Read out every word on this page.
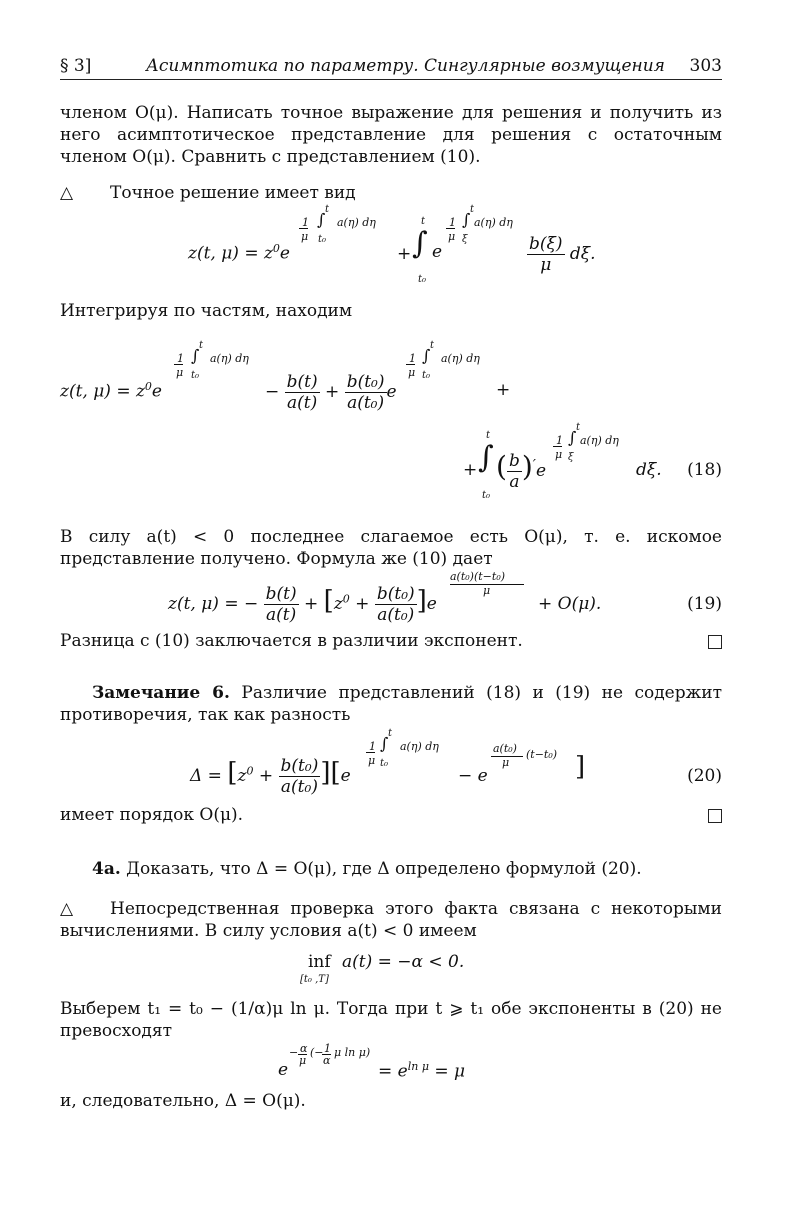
§ 3]	Асимптотика по параметру. Сингулярные возмущения 303

членом O(μ). Написать точное выражение для решения и получить из него асимптотическое представление для решения с остаточным членом O(μ). Сравнить с представлением (10).

△ Точное решение имеет вид

z(t, $\mu) = z^0e$
1
μ
∫
t
t₀
a(η) dη
+ ∫
t
t₀
e
1
μ
∫
t
ξ
a(η) dη
$\frac{b(\xi)}{\mu} d\xi$.

Интегрируя по частям, находим

z(t, $\mu) = z^0e$
1
μ
∫
t
t₀
a(η) dη
− $\frac{b(t)}{a(t)} + \frac{\text{b(t₀)}}{\text{a(t₀)}}$ e
1
μ
∫
t
t₀
a(η) dη
+
+ ∫
t
t₀
( $\frac{b}{a} )'e$
1
μ
∫
t
ξ
a(η) dη
dξ. (18)

В силу a(t) < 0 последнее слагаемое есть O(μ), т. е. искомое представление получено. Формула же (10) дает

z(t, μ) = − $\frac{b(t)}{a(t)} + [z^0 + \frac{\text{b(t₀)}}{\text{a(t₀)}} ]e$
a(t₀)(t−t₀)
μ
+ O(μ).	(19)

Разница с (10) заключается в различии экспонент.

Замечание 6. Различие представлений (18) и (19) не содержит противоречия, так как разность

$\Delta = [z^0 + \frac{\text{b(t₀)}}{\text{a(t₀)}} ][e$
1
μ
∫
t
t₀
a(η) dη
− e
a(t₀)
μ
(t−t₀) ]	(20)

имеет порядок O(μ).

4а. Доказать, что Δ = O(μ), где Δ определено формулой (20).

△ Непосредственная проверка этого факта связана с некоторыми вычислениями. В силу условия a(t) < 0 имеем

inf
[t₀ ,T]
a(t) = −α < 0.

Выберем t₁ = t₀ − (1/α)μ ln μ. Тогда при t ⩾ t₁ обе экспоненты в (20) не превосходят

e
− α
μ
(− 1
α
μ ln μ)
= $e^{ln \mu} = \mu$

и, следовательно, Δ = O(μ).
